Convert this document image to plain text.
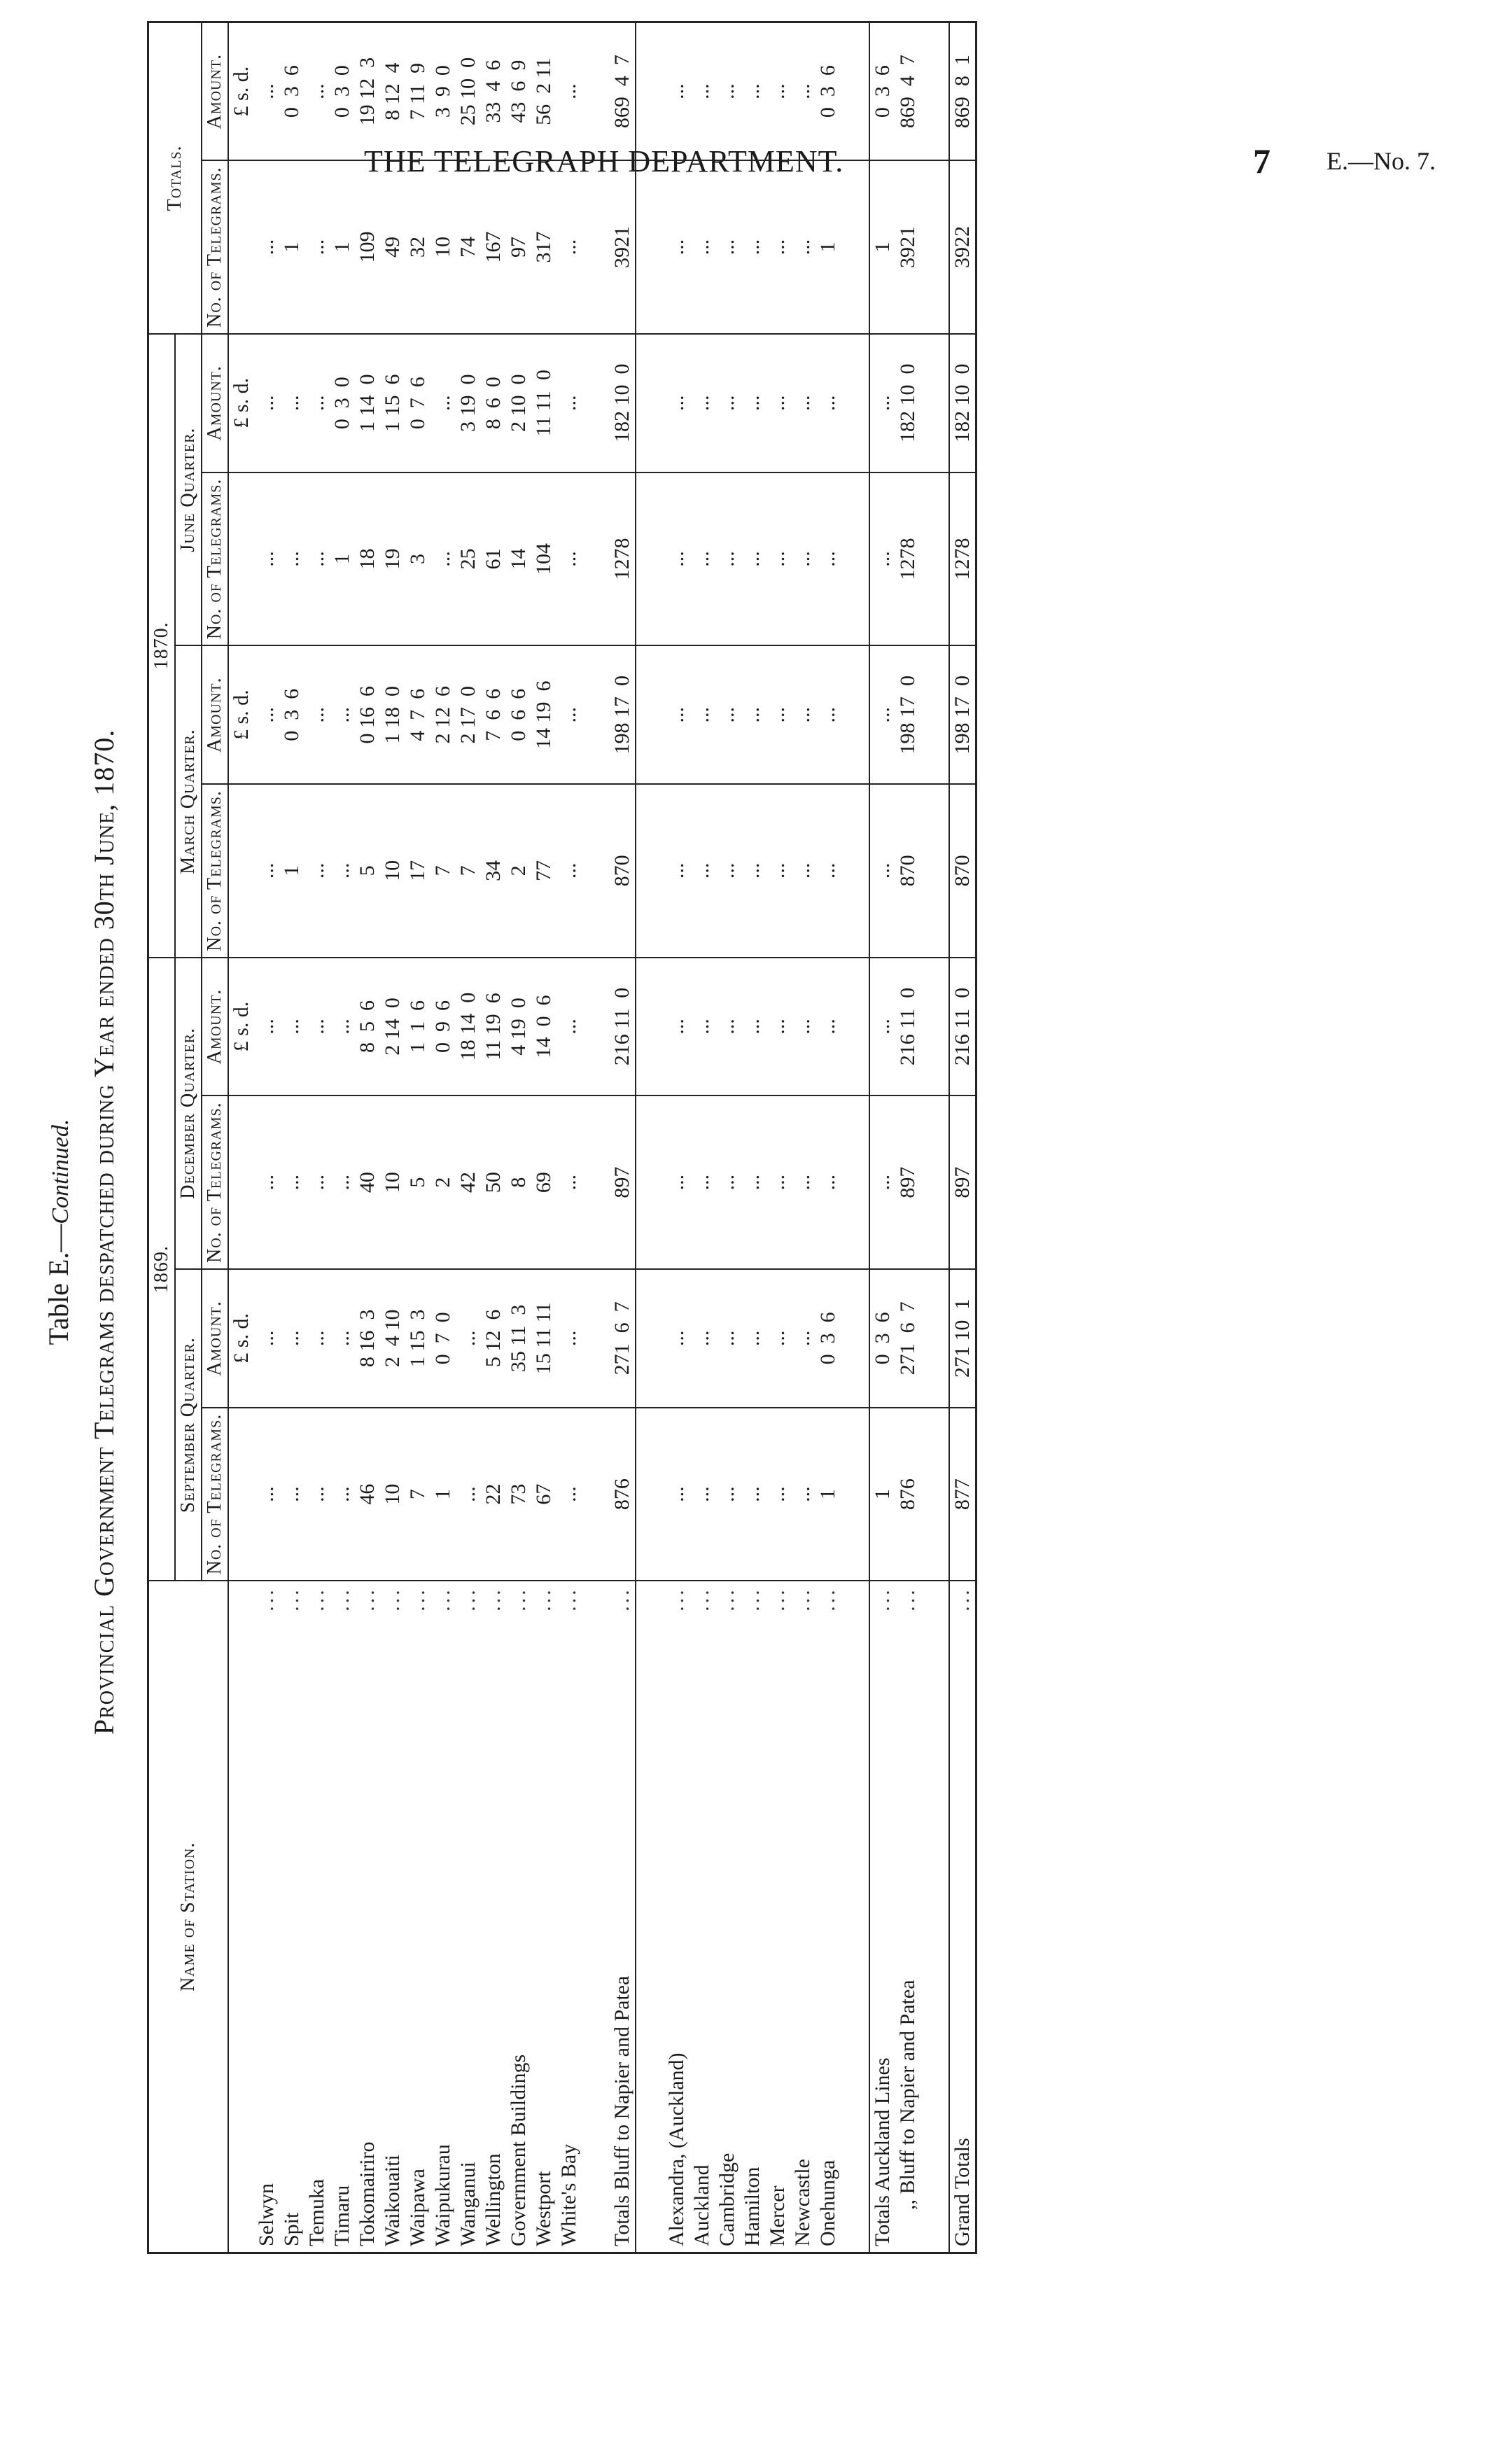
THE TELEGRAPH DEPARTMENT.	7 E.—No. 7.
Table E.—Continued. Provincial Government Telegrams despatched during Year ended 30th June, 1870.
Name of Station.		1869.				1870.				Totals.	
		September Quarter.		December Quarter.		March Quarter.		June Quarter.			
		No. of Telegrams.	Amount.	No. of Telegrams.	Amount.	No. of Telegrams.	Amount.	No. of Telegrams.	Amount.	No. of Telegrams.	Amount.
			£ s. d.		£ s. d.		£ s. d.		£ s. d.		£ s. d.
Selwyn	...	...	...	...	...	...	...	...	...	...	...
Spit	...	...	...	...	...	1	0  3  6	...	...	1	0  3  6
Temuka	...	...	...	...	...	...	...	...	...	...	...
Timaru	...	...	...	...	...	...	...	1	0  3  0	1	0  3  0
Tokomairiro	...	46	8 16  3	40	8  5  6	5	0 16  6	18	1 14  0	109	19 12  3
Waikouaiti	...	10	2  4 10	10	2 14  0	10	1 18  0	19	1 15  6	49	8 12  4
Waipawa	...	7	1 15  3	5	1  1  6	17	4  7  6	3	0  7  6	32	7 11  9
Waipukurau	...	1	0  7  0	2	0  9  6	7	2 12  6	...	...	10	3  9  0
Wanganui	...	...	...	42	18 14  0	7	2 17  0	25	3 19  0	74	25 10  0
Wellington	...	22	5 12  6	50	11 19  6	34	7  6  6	61	8  6  0	167	33  4  6
Government Buildings	...	73	35 11  3	8	4 19  0	2	0  6  6	14	2 10  0	97	43  6  9
Westport	...	67	15 11 11	69	14  0  6	77	14 19  6	104	11 11  0	317	56  2 11
White's Bay	...	...	...	...	...	...	...	...	...	...	...

Totals Bluff to Napier and Patea	...	876	271  6  7	897	216 11  0	870	198 17  0	1278	182 10  0	3921	869  4  7

Alexandra, (Auckland)	...	...	...	...	...	...	...	...	...	...	...
Auckland	...	...	...	...	...	...	...	...	...	...	...
Cambridge	...	...	...	...	...	...	...	...	...	...	...
Hamilton	...	...	...	...	...	...	...	...	...	...	...
Mercer	...	...	...	...	...	...	...	...	...	...	...
Newcastle	...	...	...	...	...	...	...	...	...	...	...
Onehunga	...	1	0  3  6	...	...	...	...	...	...	1	0  3  6

Totals Auckland Lines	...	1	0  3  6	...	...	...	...	...	...	1	0  3  6
,, Bluff to Napier and Patea	...	876	271  6  7	897	216 11  0	870	198 17  0	1278	182 10  0	3921	869  4  7

Grand Totals	...	877	271 10  1	897	216 11  0	870	198 17  0	1278	182 10  0	3922	869  8  1
